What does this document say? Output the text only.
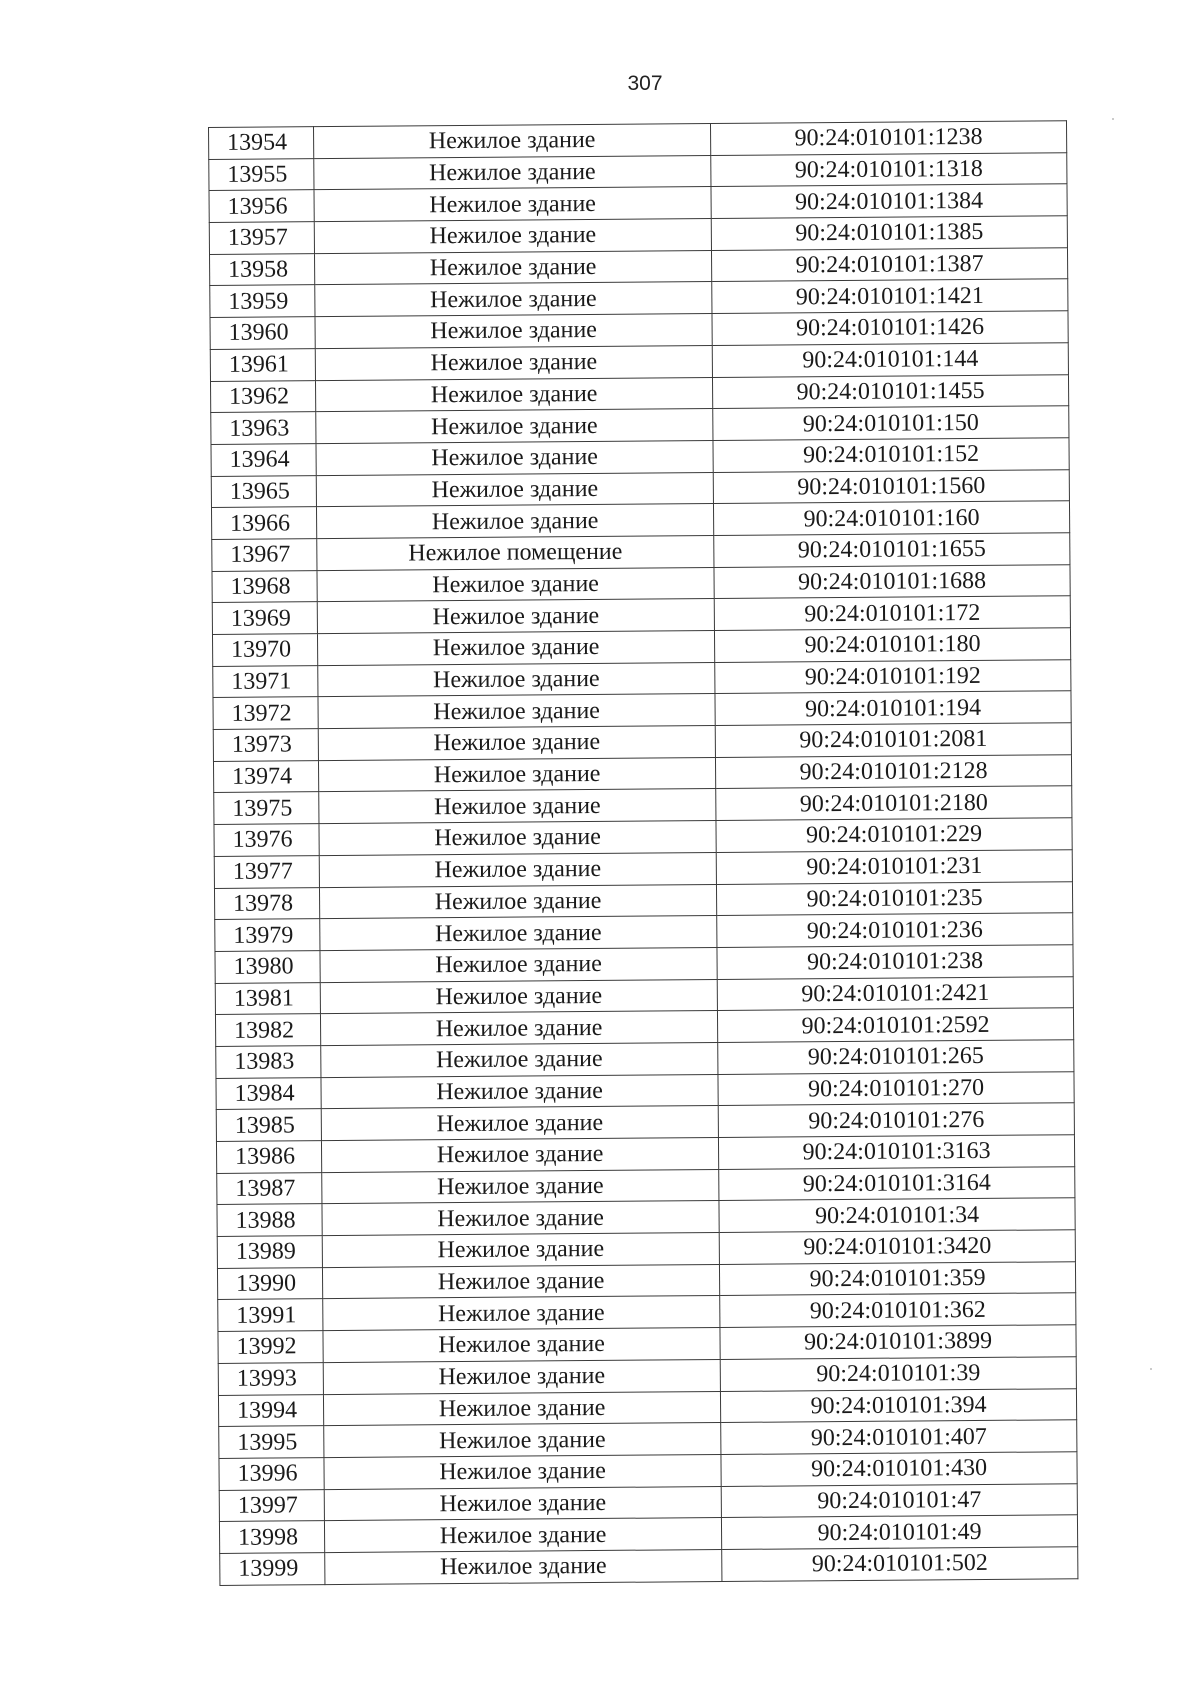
307
13954	Нежилое здание	90:24:010101:1238
13955	Нежилое здание	90:24:010101:1318
13956	Нежилое здание	90:24:010101:1384
13957	Нежилое здание	90:24:010101:1385
13958	Нежилое здание	90:24:010101:1387
13959	Нежилое здание	90:24:010101:1421
13960	Нежилое здание	90:24:010101:1426
13961	Нежилое здание	90:24:010101:144
13962	Нежилое здание	90:24:010101:1455
13963	Нежилое здание	90:24:010101:150
13964	Нежилое здание	90:24:010101:152
13965	Нежилое здание	90:24:010101:1560
13966	Нежилое здание	90:24:010101:160
13967	Нежилое помещение	90:24:010101:1655
13968	Нежилое здание	90:24:010101:1688
13969	Нежилое здание	90:24:010101:172
13970	Нежилое здание	90:24:010101:180
13971	Нежилое здание	90:24:010101:192
13972	Нежилое здание	90:24:010101:194
13973	Нежилое здание	90:24:010101:2081
13974	Нежилое здание	90:24:010101:2128
13975	Нежилое здание	90:24:010101:2180
13976	Нежилое здание	90:24:010101:229
13977	Нежилое здание	90:24:010101:231
13978	Нежилое здание	90:24:010101:235
13979	Нежилое здание	90:24:010101:236
13980	Нежилое здание	90:24:010101:238
13981	Нежилое здание	90:24:010101:2421
13982	Нежилое здание	90:24:010101:2592
13983	Нежилое здание	90:24:010101:265
13984	Нежилое здание	90:24:010101:270
13985	Нежилое здание	90:24:010101:276
13986	Нежилое здание	90:24:010101:3163
13987	Нежилое здание	90:24:010101:3164
13988	Нежилое здание	90:24:010101:34
13989	Нежилое здание	90:24:010101:3420
13990	Нежилое здание	90:24:010101:359
13991	Нежилое здание	90:24:010101:362
13992	Нежилое здание	90:24:010101:3899
13993	Нежилое здание	90:24:010101:39
13994	Нежилое здание	90:24:010101:394
13995	Нежилое здание	90:24:010101:407
13996	Нежилое здание	90:24:010101:430
13997	Нежилое здание	90:24:010101:47
13998	Нежилое здание	90:24:010101:49
13999	Нежилое здание	90:24:010101:502
